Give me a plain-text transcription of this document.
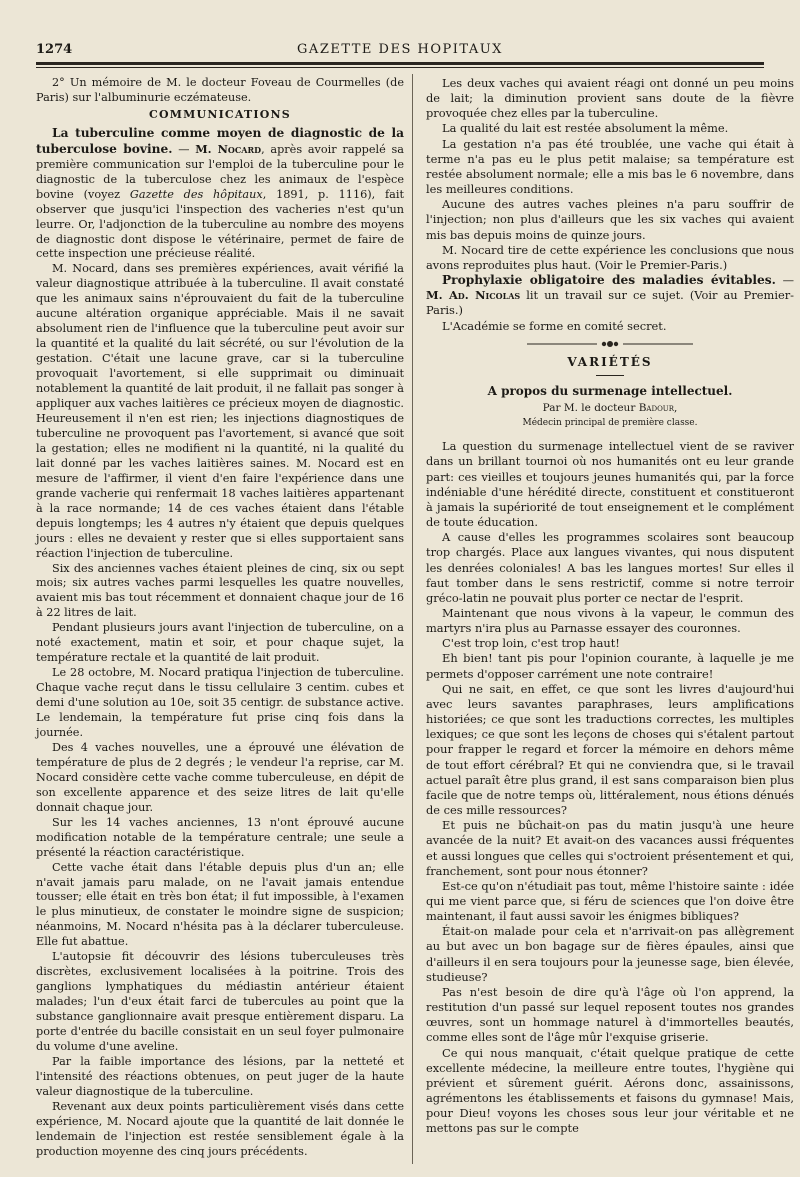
1274	GAZETTE DES HOPITAUX

2° Un mémoire de M. le docteur Foveau de Courmelles (de Paris) sur l'albuminurie eczémateuse.

COMMUNICATIONS

La tuberculine comme moyen de diagnostic de la tuberculose bovine. — M. Nocard, après avoir rappelé sa première communication sur l'emploi de la tuberculine pour le diagnostic de la tuberculose chez les animaux de l'espèce bovine (voyez Gazette des hôpitaux, 1891, p. 1116), fait observer que jusqu'ici l'inspection des vacheries n'est qu'un leurre. Or, l'adjonction de la tuberculine au nombre des moyens de diagnostic dont dispose le vétérinaire, permet de faire de cette inspection une précieuse réalité.

M. Nocard, dans ses premières expériences, avait vérifié la valeur diagnostique attribuée à la tuberculine. Il avait constaté que les animaux sains n'éprouvaient du fait de la tuberculine aucune altération organique appréciable. Mais il ne savait absolument rien de l'influence que la tuberculine peut avoir sur la quantité et la qualité du lait sécrété, ou sur l'évolution de la gestation. C'était une lacune grave, car si la tuberculine provoquait l'avortement, si elle supprimait ou diminuait notablement la quantité de lait produit, il ne fallait pas songer à appliquer aux vaches laitières ce précieux moyen de diagnostic. Heureusement il n'en est rien; les injections diagnostiques de tuberculine ne provoquent pas l'avortement, si avancé que soit la gestation; elles ne modifient ni la quantité, ni la qualité du lait donné par les vaches laitières saines. M. Nocard est en mesure de l'affirmer, il vient d'en faire l'expérience dans une grande vacherie qui renfermait 18 vaches laitières appartenant à la race normande; 14 de ces vaches étaient dans l'étable depuis longtemps; les 4 autres n'y étaient que depuis quelques jours : elles ne devaient y rester que si elles supportaient sans réaction l'injection de tuberculine.

Six des anciennes vaches étaient pleines de cinq, six ou sept mois; six autres vaches parmi lesquelles les quatre nouvelles, avaient mis bas tout récemment et donnaient chaque jour de 16 à 22 litres de lait.

Pendant plusieurs jours avant l'injection de tuberculine, on a noté exactement, matin et soir, et pour chaque sujet, la température rectale et la quantité de lait produit.

Le 28 octobre, M. Nocard pratiqua l'injection de tuberculine. Chaque vache reçut dans le tissu cellulaire 3 centim. cubes et demi d'une solution au 10e, soit 35 centigr. de substance active. Le lendemain, la température fut prise cinq fois dans la journée.

Des 4 vaches nouvelles, une a éprouvé une élévation de température de plus de 2 degrés ; le vendeur l'a reprise, car M. Nocard considère cette vache comme tuberculeuse, en dépit de son excellente apparence et des seize litres de lait qu'elle donnait chaque jour.

Sur les 14 vaches anciennes, 13 n'ont éprouvé aucune modification notable de la température centrale; une seule a présenté la réaction caractéristique.

Cette vache était dans l'étable depuis plus d'un an; elle n'avait jamais paru malade, on ne l'avait jamais entendue tousser; elle était en très bon état; il fut impossible, à l'examen le plus minutieux, de constater le moindre signe de suspicion; néanmoins, M. Nocard n'hésita pas à la déclarer tuberculeuse. Elle fut abattue.

L'autopsie fit découvrir des lésions tuberculeuses très discrètes, exclusivement localisées à la poitrine. Trois des ganglions lymphatiques du médiastin antérieur étaient malades; l'un d'eux était farci de tubercules au point que la substance ganglionnaire avait presque entièrement disparu. La porte d'entrée du bacille consistait en un seul foyer pulmonaire du volume d'une aveline.

Par la faible importance des lésions, par la netteté et l'intensité des réactions obtenues, on peut juger de la haute valeur diagnostique de la tuberculine.

Revenant aux deux points particulièrement visés dans cette expérience, M. Nocard ajoute que la quantité de lait donnée le lendemain de l'injection est restée sensiblement égale à la production moyenne des cinq jours précédents.

Les deux vaches qui avaient réagi ont donné un peu moins de lait; la diminution provient sans doute de la fièvre provoquée chez elles par la tuberculine.

La qualité du lait est restée absolument la même.

La gestation n'a pas été troublée, une vache qui était à terme n'a pas eu le plus petit malaise; sa température est restée absolument normale; elle a mis bas le 6 novembre, dans les meilleures conditions.

Aucune des autres vaches pleines n'a paru souffrir de l'injection; non plus d'ailleurs que les six vaches qui avaient mis bas depuis moins de quinze jours.

M. Nocard tire de cette expérience les conclusions que nous avons reproduites plus haut. (Voir le Premier-Paris.)

Prophylaxie obligatoire des maladies évitables. — M. Ad. Nicolas lit un travail sur ce sujet. (Voir au Premier-Paris.)

L'Académie se forme en comité secret.

VARIÉTÉS
A propos du surmenage intellectuel.
Par M. le docteur Badour,
Médecin principal de première classe.

La question du surmenage intellectuel vient de se raviver dans un brillant tournoi où nos humanités ont eu leur grande part: ces vieilles et toujours jeunes humanités qui, par la force indéniable d'une hérédité directe, constituent et constitueront à jamais la supériorité de tout enseignement et le complément de toute éducation.

A cause d'elles les programmes scolaires sont beaucoup trop chargés. Place aux langues vivantes, qui nous disputent les denrées coloniales! A bas les langues mortes! Sur elles il faut tomber dans le sens restrictif, comme si notre terroir gréco-latin ne pouvait plus porter ce nectar de l'esprit.

Maintenant que nous vivons à la vapeur, le commun des martyrs n'ira plus au Parnasse essayer des couronnes.

C'est trop loin, c'est trop haut!

Eh bien! tant pis pour l'opinion courante, à laquelle je me permets d'opposer carrément une note contraire!

Qui ne sait, en effet, ce que sont les livres d'aujourd'hui avec leurs savantes paraphrases, leurs amplifications historiées; ce que sont les traductions correctes, les multiples lexiques; ce que sont les leçons de choses qui s'étalent partout pour frapper le regard et forcer la mémoire en dehors même de tout effort cérébral? Et qui ne conviendra que, si le travail actuel paraît être plus grand, il est sans comparaison bien plus facile que de notre temps où, littéralement, nous étions dénués de ces mille ressources?

Et puis ne bûchait-on pas du matin jusqu'à une heure avancée de la nuit? Et avait-on des vacances aussi fréquentes et aussi longues que celles qui s'octroient présentement et qui, franchement, sont pour nous étonner?

Est-ce qu'on n'étudiait pas tout, même l'histoire sainte : idée qui me vient parce que, si féru de sciences que l'on doive être maintenant, il faut aussi savoir les énigmes bibliques?

Était-on malade pour cela et n'arrivait-on pas allègrement au but avec un bon bagage sur de fières épaules, ainsi que d'ailleurs il en sera toujours pour la jeunesse sage, bien élevée, studieuse?

Pas n'est besoin de dire qu'à l'âge où l'on apprend, la restitution d'un passé sur lequel reposent toutes nos grandes œuvres, sont un hommage naturel à d'immortelles beautés, comme elles sont de l'âge mûr l'exquise griserie.

Ce qui nous manquait, c'était quelque pratique de cette excellente médecine, la meilleure entre toutes, l'hygiène qui prévient et sûrement guérit. Aérons donc, assainissons, agrémentons les établissements et faisons du gymnase! Mais, pour Dieu! voyons les choses sous leur jour véritable et ne mettons pas sur le compte
